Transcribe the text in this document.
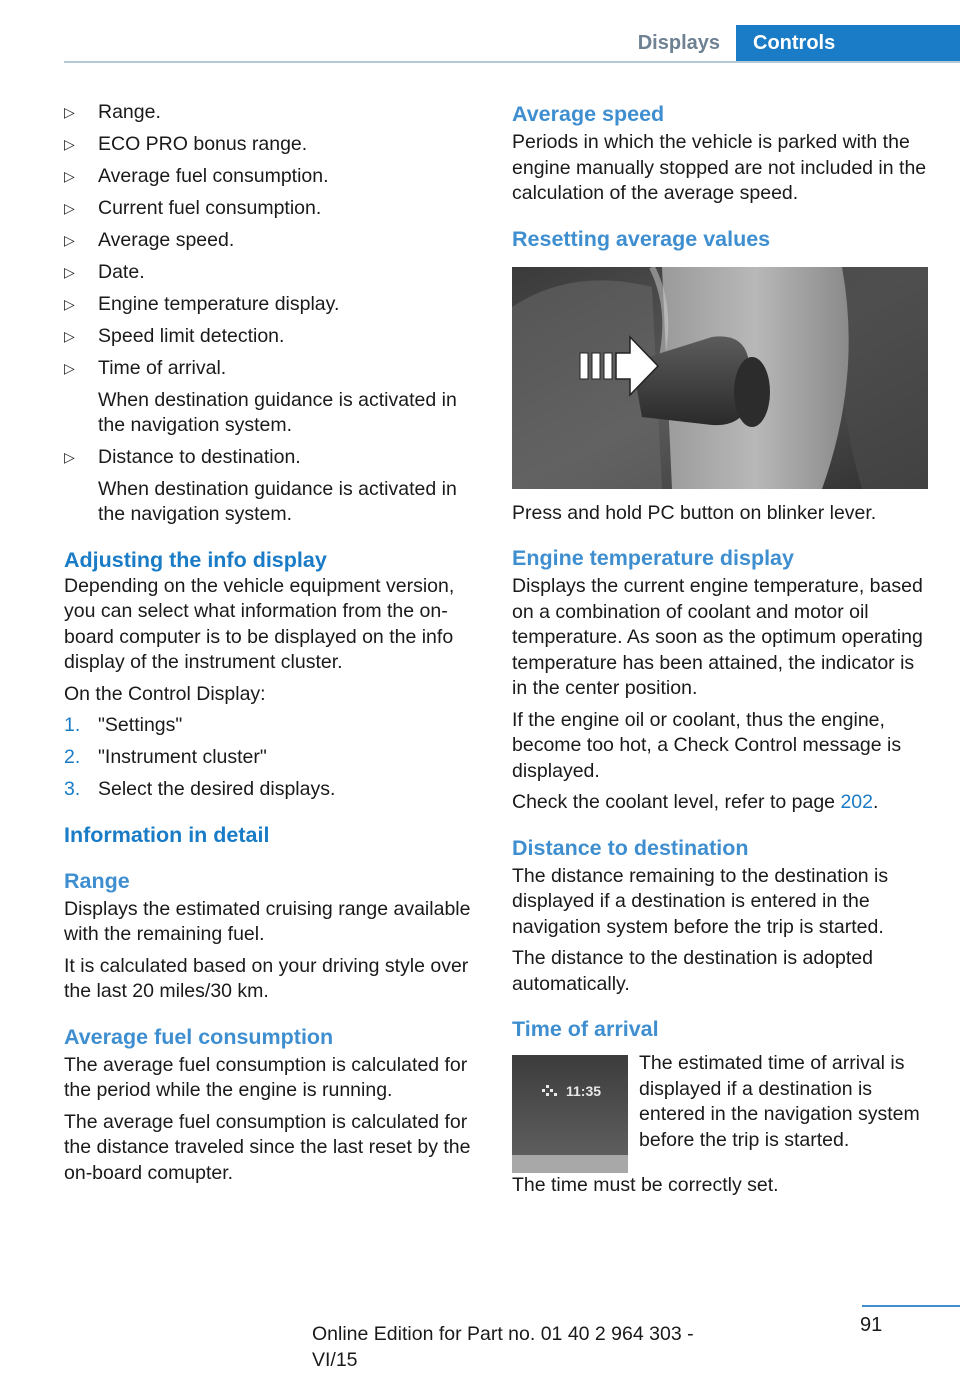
Displays	Controls
▷	Range.
▷	ECO PRO bonus range.
▷	Average fuel consumption.
▷	Current fuel consumption.
▷	Average speed.
▷	Date.
▷	Engine temperature display.
▷	Speed limit detection.
▷	Time of arrival.
When destination guidance is activated in the navigation system.
▷	Distance to destination.
When destination guidance is activated in the navigation system.
Adjusting the info display

Depending on the vehicle equipment version, you can select what information from the on-board computer is to be displayed on the info display of the instrument cluster.

On the Control Display:

1. "Settings"
2. "Instrument cluster"
3. Select the desired displays.
Information in detail
Range

Displays the estimated cruising range available with the remaining fuel.

It is calculated based on your driving style over the last 20 miles/30 km.

Average fuel consumption

The average fuel consumption is calculated for the period while the engine is running.

The average fuel consumption is calculated for the distance traveled since the last reset by the on-board comupter.

Average speed

Periods in which the vehicle is parked with the engine manually stopped are not included in the calculation of the average speed.

Resetting average values

Press and hold PC button on blinker lever.

Engine temperature display

Displays the current engine temperature, based on a combination of coolant and motor oil temperature. As soon as the optimum operating temperature has been attained, the indicator is in the center position.

If the engine oil or coolant, thus the engine, become too hot, a Check Control message is displayed.

Check the coolant level, refer to page 202.

Distance to destination

The distance remaining to the destination is displayed if a destination is entered in the navigation system before the trip is started.

The distance to the destination is adopted automatically.

Time of arrival
11:35

The estimated time of arrival is displayed if a destination is entered in the navigation system before the trip is started.

The time must be correctly set.

91
Online Edition for Part no. 01 40 2 964 303 - VI/15
